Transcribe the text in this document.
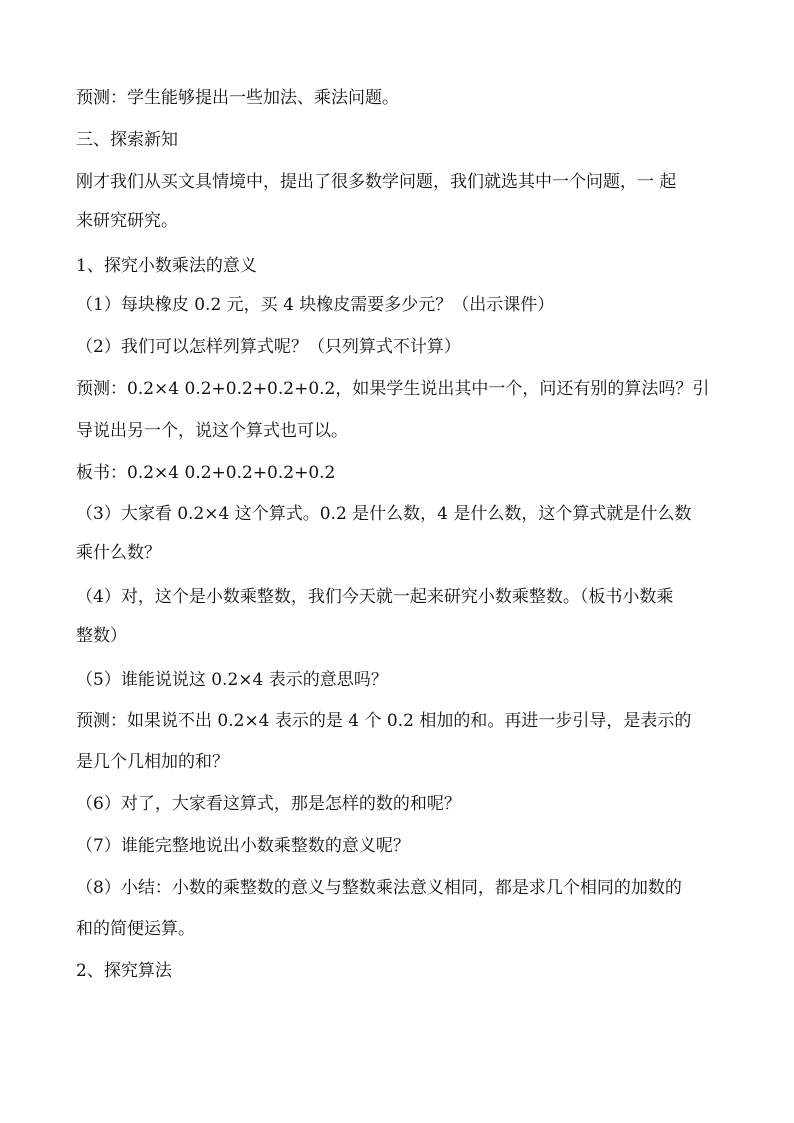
预测：学生能够提出一些加法、乘法问题。
三、探索新知
刚才我们从买文具情境中，提出了很多数学问题，我们就选其中一个问题，一 起
来研究研究。
1、探究小数乘法的意义
（1）每块橡皮 0.2 元，买 4 块橡皮需要多少元？（出示课件）
（2）我们可以怎样列算式呢？（只列算式不计算）
预测：0.2×4 0.2+0.2+0.2+0.2，如果学生说出其中一个，问还有别的算法吗？引
导说出另一个，说这个算式也可以。
板书：0.2×4 0.2+0.2+0.2+0.2
（3）大家看 0.2×4 这个算式。0.2 是什么数，4 是什么数，这个算式就是什么数
乘什么数？
（4）对，这个是小数乘整数，我们今天就一起来研究小数乘整数。（板书小数乘
整数）
（5）谁能说说这 0.2×4 表示的意思吗？
预测：如果说不出 0.2×4 表示的是 4 个 0.2 相加的和。再进一步引导，是表示的
是几个几相加的和？
（6）对了，大家看这算式，那是怎样的数的和呢？
（7）谁能完整地说出小数乘整数的意义呢？
（8）小结：小数的乘整数的意义与整数乘法意义相同，都是求几个相同的加数的
和的简便运算。
2、探究算法
